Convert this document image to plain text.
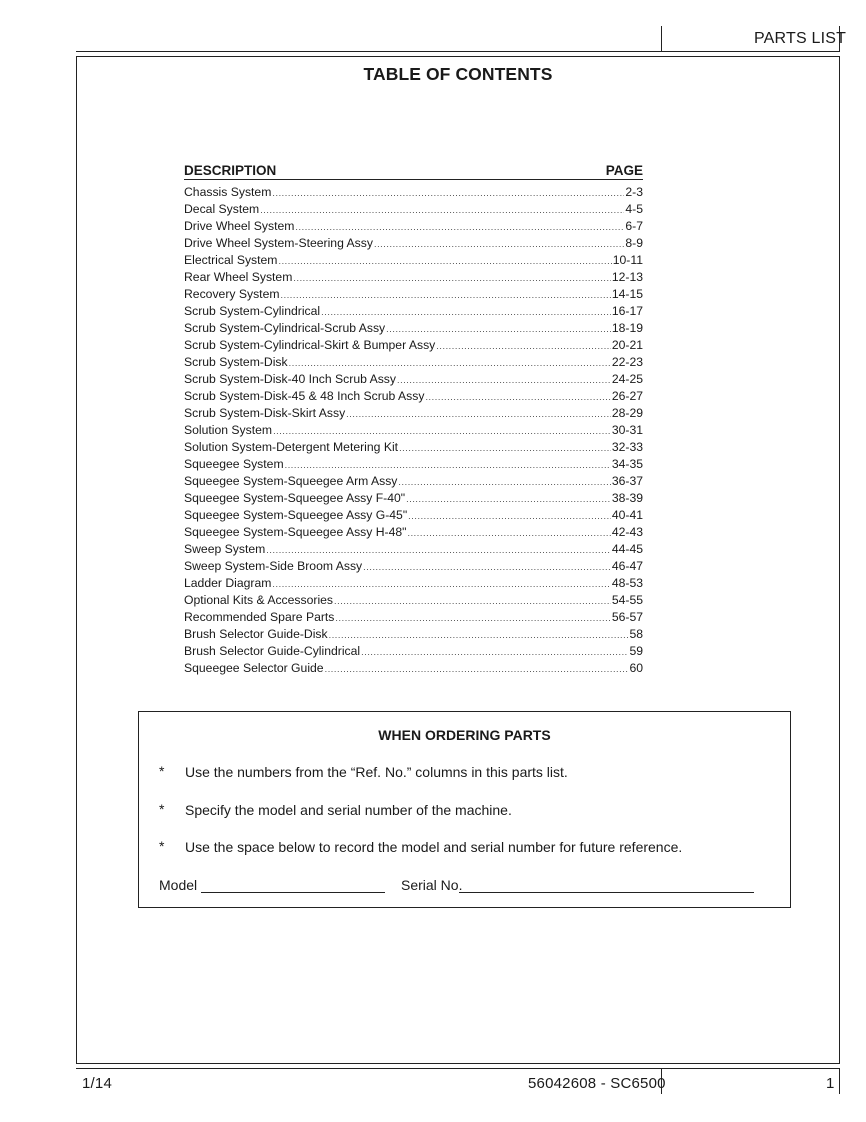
PARTS LIST
TABLE OF CONTENTS
DESCRIPTION	PAGE
Chassis System .....	2-3
Decal System .....	4-5
Drive Wheel System .....	6-7
Drive Wheel System-Steering Assy .....	8-9
Electrical System .....	10-11
Rear Wheel System .....	12-13
Recovery System .....	14-15
Scrub System-Cylindrical .....	16-17
Scrub System-Cylindrical-Scrub Assy .....	18-19
Scrub System-Cylindrical-Skirt & Bumper Assy .....	20-21
Scrub System-Disk .....	22-23
Scrub System-Disk-40 Inch Scrub Assy .....	24-25
Scrub System-Disk-45 & 48 Inch Scrub Assy .....	26-27
Scrub System-Disk-Skirt Assy .....	28-29
Solution System .....	30-31
Solution System-Detergent Metering Kit .....	32-33
Squeegee System .....	34-35
Squeegee System-Squeegee Arm Assy .....	36-37
Squeegee System-Squeegee Assy F-40" .....	38-39
Squeegee System-Squeegee Assy G-45" .....	40-41
Squeegee System-Squeegee Assy H-48" .....	42-43
Sweep System .....	44-45
Sweep System-Side Broom Assy .....	46-47
Ladder Diagram .....	48-53
Optional Kits & Accessories .....	54-55
Recommended Spare Parts .....	56-57
Brush Selector Guide-Disk .....	58
Brush Selector Guide-Cylindrical .....	59
Squeegee Selector Guide .....	60
WHEN ORDERING PARTS
* Use the numbers from the “Ref. No.” columns in this parts list.
* Specify the model and serial number of the machine.
* Use the space below to record the model and serial number for future reference.
Model	Serial No.
1/14	56042608 - SC6500	1
